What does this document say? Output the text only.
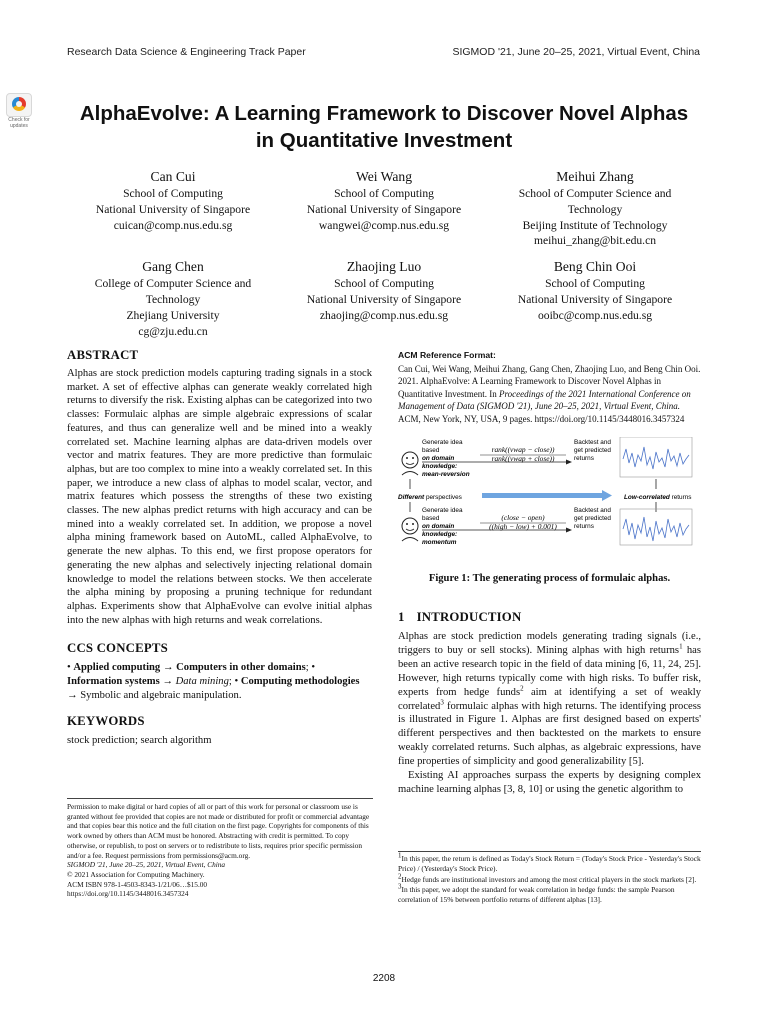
Research Data Science & Engineering Track Paper	SIGMOD '21, June 20–25, 2021, Virtual Event, China
Check for updates
AlphaEvolve: A Learning Framework to Discover Novel Alphas
in Quantitative Investment
Can Cui
School of Computing
National University of Singapore
cuican@comp.nus.edu.sg
Wei Wang
School of Computing
National University of Singapore
wangwei@comp.nus.edu.sg
Meihui Zhang
School of Computer Science and
Technology
Beijing Institute of Technology
meihui_zhang@bit.edu.cn
Gang Chen
College of Computer Science and
Technology
Zhejiang University
cg@zju.edu.cn
Zhaojing Luo
School of Computing
National University of Singapore
zhaojing@comp.nus.edu.sg
Beng Chin Ooi
School of Computing
National University of Singapore
ooibc@comp.nus.edu.sg
ABSTRACT

Alphas are stock prediction models capturing trading signals in a stock market. A set of effective alphas can generate weakly correlated high returns to diversify the risk. Existing alphas can be categorized into two classes: Formulaic alphas are simple algebraic expressions of scalar features, and thus can generalize well and be mined into a weakly correlated set. Machine learning alphas are data-driven models over vector and matrix features. They are more predictive than formulaic alphas, but are too complex to mine into a weakly correlated set. In this paper, we introduce a new class of alphas to model scalar, vector, and matrix features which possess the strengths of these two existing classes. The new alphas predict returns with high accuracy and can be mined into a weakly correlated set. In addition, we propose a novel alpha mining framework based on AutoML, called AlphaEvolve, to generate the new alphas. To this end, we first propose operators for generating the new alphas and selectively injecting relational domain knowledge to model the relations between stocks. We then accelerate the alpha mining by proposing a pruning technique for redundant alphas. Experiments show that AlphaEvolve can evolve initial alphas into the new alphas with high returns and weak correlations.

CCS CONCEPTS
• Applied computing → Computers in other domains; • Information systems → Data mining; • Computing methodologies → Symbolic and algebraic manipulation.
KEYWORDS

stock prediction; search algorithm

Permission to make digital or hard copies of all or part of this work for personal or classroom use is granted without fee provided that copies are not made or distributed for profit or commercial advantage and that copies bear this notice and the full citation on the first page. Copyrights for components of this work owned by others than ACM must be honored. Abstracting with credit is permitted. To copy otherwise, or republish, to post on servers or to redistribute to lists, requires prior specific permission and/or a fee. Request permissions from permissions@acm.org.

SIGMOD '21, June 20–25, 2021, Virtual Event, China

© 2021 Association for Computing Machinery.

ACM ISBN 978-1-4503-8343-1/21/06…$15.00

https://doi.org/10.1145/3448016.3457324

ACM Reference Format:

Can Cui, Wei Wang, Meihui Zhang, Gang Chen, Zhaojing Luo, and Beng Chin Ooi. 2021. AlphaEvolve: A Learning Framework to Discover Novel Alphas in Quantitative Investment. In Proceedings of the 2021 International Conference on Management of Data (SIGMOD '21), June 20–25, 2021, Virtual Event, China. ACM, New York, NY, USA, 9 pages. https://doi.org/10.1145/3448016.3457324

Generate idea
based
on domain
knowledge:
mean-reversion
rank((vwap − close))
rank((vwap + close))
Backtest and
get predicted
returns
Different perspectives	Low-correlated returns
Generate idea
based
on domain
knowledge:
momentum
(close − open)
((high − low) + 0.001)
Backtest and
get predicted
returns
Figure 1: The generating process of formulaic alphas.
1 INTRODUCTION

Alphas are stock prediction models generating trading signals (i.e., triggers to buy or sell stocks). Mining alphas with high returns$^1$ has been an active research topic in the field of data mining [6, 11, 24, 25]. However, high returns typically come with high risks. To buffer risk, experts from hedge funds$^2$ aim at identifying a set of weakly correlated$^3$ formulaic alphas with high returns. The identifying process is illustrated in Figure 1. Alphas are first designed based on experts' different perspectives and then backtested on the markets to ensure weakly correlated returns. Such alphas, as algebraic expressions, have fine properties of simplicity and good generalizability [5].

Existing AI approaches surpass the experts by designing complex machine learning alphas [3, 8, 10] or using the genetic algorithm to

$^1$In this paper, the return is defined as Today's Stock Return = (Today's Stock Price - Yesterday's Stock Price) / (Yesterday's Stock Price).

$^2$Hedge funds are institutional investors and among the most critical players in the stock markets [2].

$^3$In this paper, we adopt the standard for weak correlation in hedge funds: the sample Pearson correlation of 15% between portfolio returns of different alphas [13].

2208
